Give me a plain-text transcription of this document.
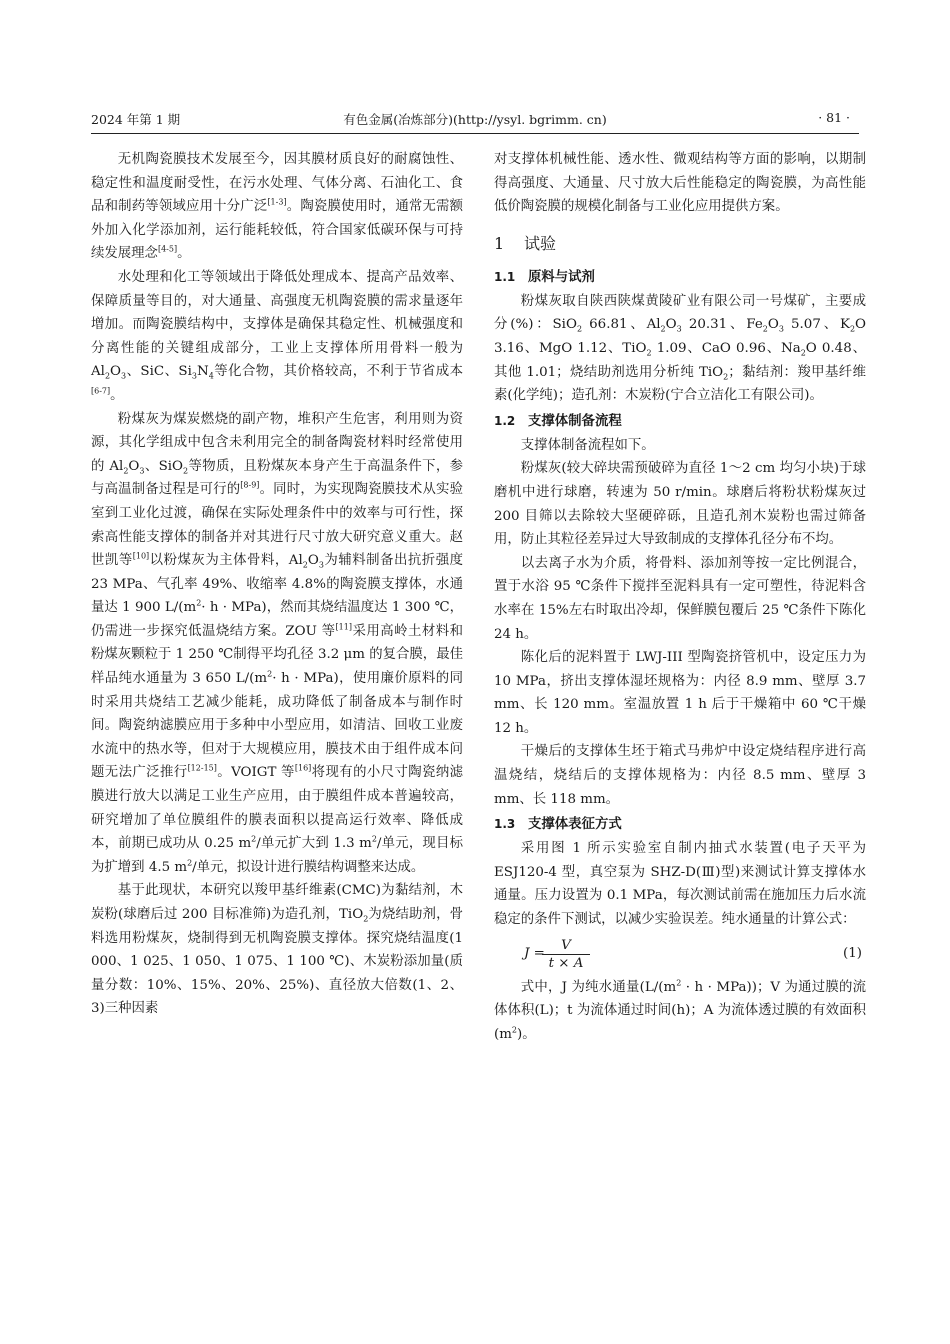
2024 年第 1 期	有色金属(冶炼部分)(http://ysyl. bgrimm. cn)	· 81 ·

无机陶瓷膜技术发展至今，因其膜材质良好的耐腐蚀性、稳定性和温度耐受性，在污水处理、气体分离、石油化工、食品和制药等领域应用十分广泛[1-3]。陶瓷膜使用时，通常无需额外加入化学添加剂，运行能耗较低，符合国家低碳环保与可持续发展理念[4-5]。

水处理和化工等领域出于降低处理成本、提高产品效率、保障质量等目的，对大通量、高强度无机陶瓷膜的需求量逐年增加。而陶瓷膜结构中，支撑体是确保其稳定性、机械强度和分离性能的关键组成部分，工业上支撑体所用骨料一般为 $Al_2O_3$、SiC、$Si_3N_4$等化合物，其价格较高，不利于节省成本[6-7]。

粉煤灰为煤炭燃烧的副产物，堆积产生危害，利用则为资源，其化学组成中包含未利用完全的制备陶瓷材料时经常使用的 $Al_2O_3$、SiO$_2$等物质，且粉煤灰本身产生于高温条件下，参与高温制备过程是可行的[8-9]。同时，为实现陶瓷膜技术从实验室到工业化过渡，确保在实际处理条件中的效率与可行性，探索高性能支撑体的制备并对其进行尺寸放大研究意义重大。赵世凯等[10]以粉煤灰为主体骨料，$Al_2O_3$为辅料制备出抗折强度 23 MPa、气孔率 49%、收缩率 4.8%的陶瓷膜支撑体，水通量达 1 900 $L/(m^2\cdot h \cdot MPa)$，然而其烧结温度达 1 300 ℃，仍需进一步探究低温烧结方案。ZOU 等[11]采用高岭土材料和粉煤灰颗粒于 1 250 ℃制得平均孔径 3.2 μm 的复合膜，最佳样品纯水通量为 3 650 $L/(m^2\cdot h \cdot MPa)$，使用廉价原料的同时采用共烧结工艺减少能耗，成功降低了制备成本与制作时间。陶瓷纳滤膜应用于多种中小型应用，如清洁、回收工业废水流中的热水等，但对于大规模应用，膜技术由于组件成本问题无法广泛推行[12-15]。VOIGT 等[16]将现有的小尺寸陶瓷纳滤膜进行放大以满足工业生产应用，由于膜组件成本普遍较高，研究增加了单位膜组件的膜表面积以提高运行效率、降低成本，前期已成功从 0.25 $m^2/$单元扩大到 1.3 $m^2/$单元，现目标为扩增到 4.5 $m^2/$单元，拟设计进行膜结构调整来达成。

基于此现状，本研究以羧甲基纤维素(CMC)为黏结剂，木炭粉(球磨后过 200 目标准筛)为造孔剂，TiO$_2$为烧结助剂，骨料选用粉煤灰，烧制得到无机陶瓷膜支撑体。探究烧结温度(1 000、1 025、1 050、1 075、1 100 ℃)、木炭粉添加量(质量分数：10%、15%、20%、25%)、直径放大倍数(1、2、3)三种因素

对支撑体机械性能、透水性、微观结构等方面的影响，以期制得高强度、大通量、尺寸放大后性能稳定的陶瓷膜，为高性能低价陶瓷膜的规模化制备与工业化应用提供方案。

1 试验
1.1 原料与试剂

粉煤灰取自陕西陕煤黄陵矿业有限公司一号煤矿，主要成分(%)：SiO$_2$ 66.81、$Al_2O_3$ 20.31、$Fe_2O_3$ 5.07、$K_2O$ 3.16、MgO 1.12、TiO$_2$ 1.09、CaO 0.96、$Na_2O$ 0.48、其他 1.01；烧结助剂选用分析纯 TiO$_2$；黏结剂：羧甲基纤维素(化学纯)；造孔剂：木炭粉(宁合立洁化工有限公司)。

1.2 支撑体制备流程

支撑体制备流程如下。

粉煤灰(较大碎块需预破碎为直径 1～2 cm 均匀小块)于球磨机中进行球磨，转速为 50 r/min。球磨后将粉状粉煤灰过 200 目筛以去除较大坚硬碎砾，且造孔剂木炭粉也需过筛备用，防止其粒径差异过大导致制成的支撑体孔径分布不均。

以去离子水为介质，将骨料、添加剂等按一定比例混合，置于水浴 95 ℃条件下搅拌至泥料具有一定可塑性，待泥料含水率在 15%左右时取出冷却，保鲜膜包覆后 25 ℃条件下陈化 24 h。

陈化后的泥料置于 LWJ-III 型陶瓷挤管机中，设定压力为 10 MPa，挤出支撑体湿坯规格为：内径 8.9 mm、壁厚 3.7 mm、长 120 mm。室温放置 1 h 后于干燥箱中 60 ℃干燥 12 h。

干燥后的支撑体生坯于箱式马弗炉中设定烧结程序进行高温烧结，烧结后的支撑体规格为：内径 8.5 mm、壁厚 3 mm、长 118 mm。

1.3 支撑体表征方式

采用图 1 所示实验室自制内抽式水装置(电子天平为 ESJ120-4 型，真空泵为 SHZ-D(Ⅲ)型)来测试计算支撑体水通量。压力设置为 0.1 MPa，每次测试前需在施加压力后水流稳定的条件下测试，以减少实验误差。纯水通量的计算公式：

J =
$\frac{V}{t \times A}$	(1)

式中，J 为纯水通量$(L/(m^2 \cdot h \cdot MPa))$；V 为通过膜的流体体积(L)；t 为流体通过时间(h)；A 为流体透过膜的有效面积$(m^2)$。
